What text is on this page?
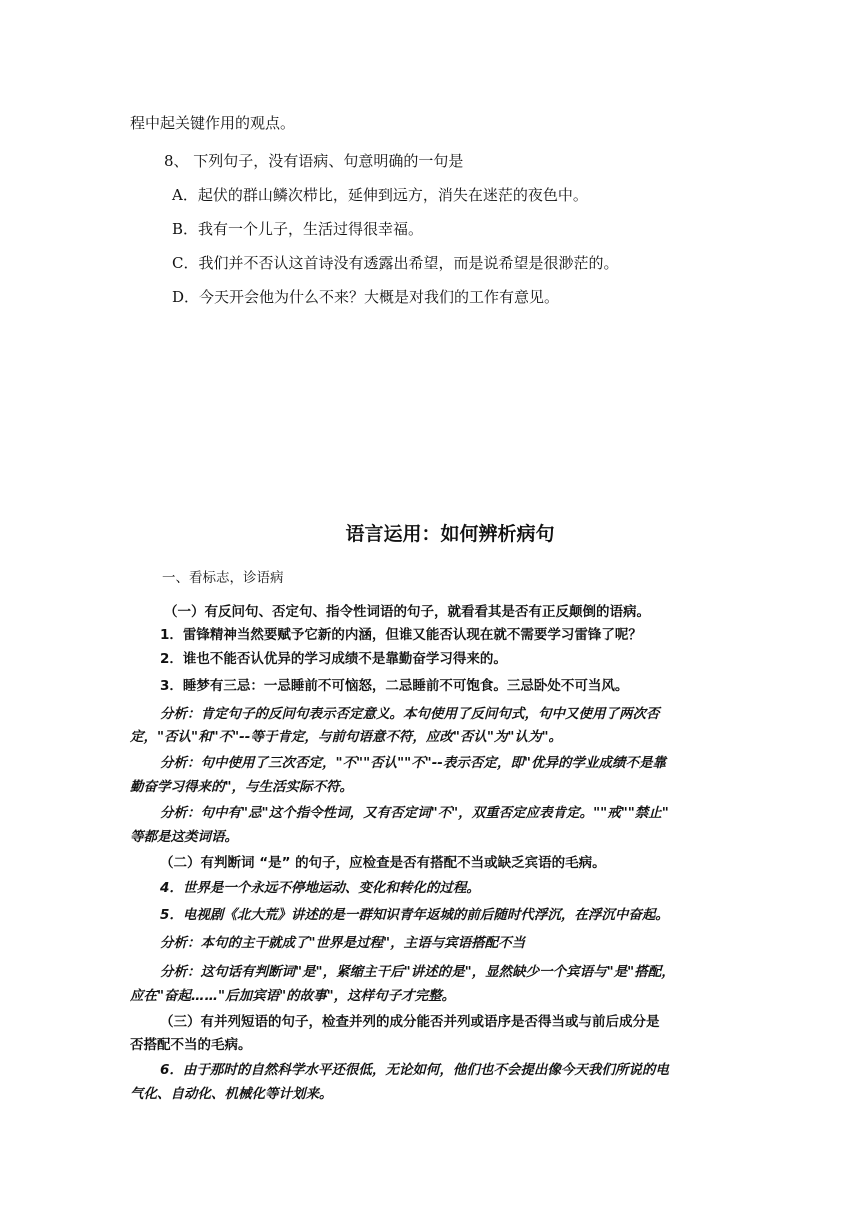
程中起关键作用的观点。
8、 下列句子，没有语病、句意明确的一句是
A．起伏的群山鳞次栉比，延伸到远方，消失在迷茫的夜色中。
B．我有一个儿子，生活过得很幸福。
C．我们并不否认这首诗没有透露出希望，而是说希望是很渺茫的。
D．今天开会他为什么不来？大概是对我们的工作有意见。
语言运用：如何辨析病句
一、看标志，诊语病
（一）有反问句、否定句、指令性词语的句子，就看看其是否有正反颠倒的语病。
1．雷锋精神当然要赋予它新的内涵，但谁又能否认现在就不需要学习雷锋了呢？
2．谁也不能否认优异的学习成绩不是靠勤奋学习得来的。
3．睡梦有三忌：一忌睡前不可恼怒，二忌睡前不可饱食。三忌卧处不可当风。
分析：肯定句子的反问句表示否定意义。本句使用了反问句式，句中又使用了两次否
定，"否认"和"不"--等于肯定，与前句语意不符，应改"否认"为"认为"。
分析：句中使用了三次否定，"不""否认""不"--表示否定，即"优异的学业成绩不是靠
勤奋学习得来的"，与生活实际不符。
分析：句中有"忌"这个指令性词，又有否定词"不"，双重否定应表肯定。""戒""禁止"
等都是这类词语。
（二）有判断词 “是” 的句子，应检查是否有搭配不当或缺乏宾语的毛病。
4．世界是一个永远不停地运动、变化和转化的过程。
5．电视剧《北大荒》讲述的是一群知识青年返城的前后随时代浮沉，在浮沉中奋起。
分析：本句的主干就成了"世界是过程"，主语与宾语搭配不当
分析：这句话有判断词"是"，紧缩主干后"讲述的是"，显然缺少一个宾语与"是"搭配，
应在"奋起……"后加宾语"的故事"，这样句子才完整。
（三）有并列短语的句子，检查并列的成分能否并列或语序是否得当或与前后成分是
否搭配不当的毛病。
6．由于那时的自然科学水平还很低，无论如何，他们也不会提出像今天我们所说的电
气化、自动化、机械化等计划来。
